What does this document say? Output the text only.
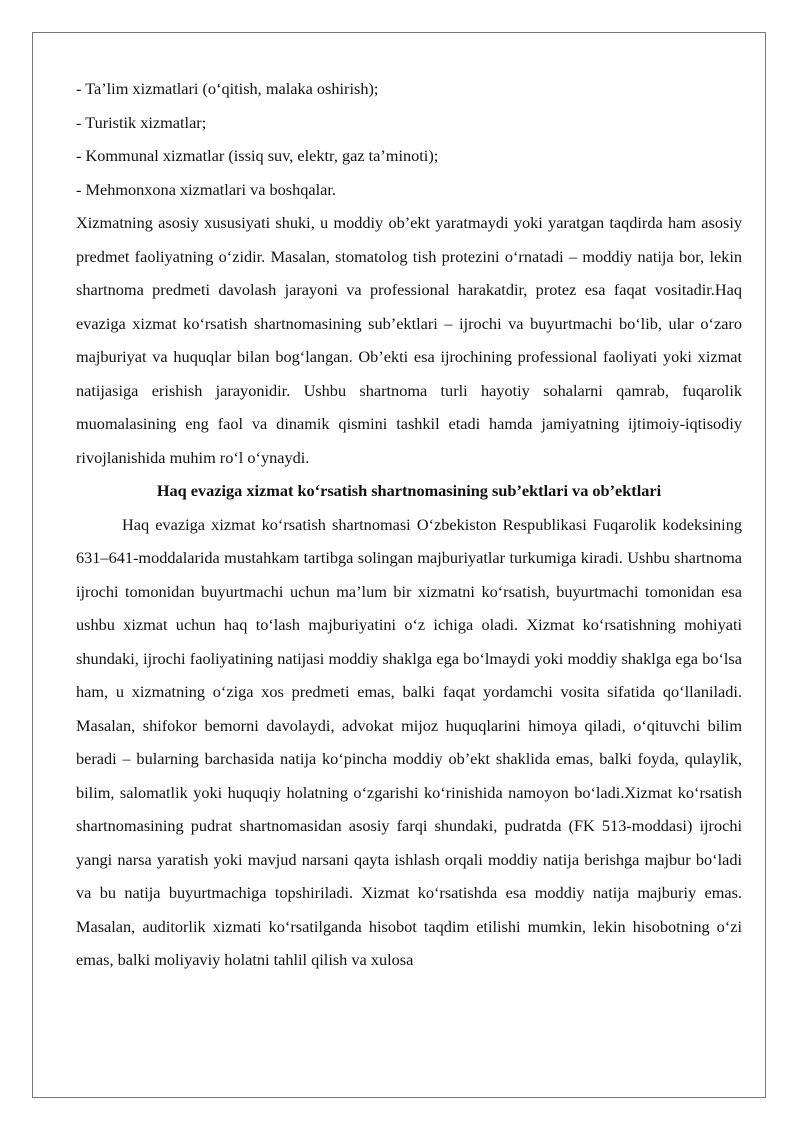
- Ta’lim xizmatlari (o‘qitish, malaka oshirish);

- Turistik xizmatlar;

- Kommunal xizmatlar (issiq suv, elektr, gaz ta’minoti);

- Mehmonxona xizmatlari va boshqalar.

Xizmatning asosiy xususiyati shuki, u moddiy ob’ekt yaratmaydi yoki yaratgan taqdirda ham asosiy predmet faoliyatning o‘zidir. Masalan, stomatolog tish protezini o‘rnatadi – moddiy natija bor, lekin shartnoma predmeti davolash jarayoni va professional harakatdir, protez esa faqat vositadir.Haq evaziga xizmat ko‘rsatish shartnomasining sub’ektlari – ijrochi va buyurtmachi bo‘lib, ular o‘zaro majburiyat va huquqlar bilan bog‘langan. Ob’ekti esa ijrochining professional faoliyati yoki xizmat natijasiga erishish jarayonidir. Ushbu shartnoma turli hayotiy sohalarni qamrab, fuqarolik muomalasining eng faol va dinamik qismini tashkil etadi hamda jamiyatning ijtimoiy-iqtisodiy rivojlanishida muhim ro‘l o‘ynaydi.

Haq evaziga xizmat ko‘rsatish shartnomasining sub’ektlari va ob’ektlari

Haq evaziga xizmat ko‘rsatish shartnomasi O‘zbekiston Respublikasi Fuqarolik kodeksining 631–641-moddalarida mustahkam tartibga solingan majburiyatlar turkumiga kiradi. Ushbu shartnoma ijrochi tomonidan buyurtmachi uchun ma’lum bir xizmatni ko‘rsatish, buyurtmachi tomonidan esa ushbu xizmat uchun haq to‘lash majburiyatini o‘z ichiga oladi. Xizmat ko‘rsatishning mohiyati shundaki, ijrochi faoliyatining natijasi moddiy shaklga ega bo‘lmaydi yoki moddiy shaklga ega bo‘lsa ham, u xizmatning o‘ziga xos predmeti emas, balki faqat yordamchi vosita sifatida qo‘llaniladi. Masalan, shifokor bemorni davolaydi, advokat mijoz huquqlarini himoya qiladi, o‘qituvchi bilim beradi – bularning barchasida natija ko‘pincha moddiy ob’ekt shaklida emas, balki foyda, qulaylik, bilim, salomatlik yoki huquqiy holatning o‘zgarishi ko‘rinishida namoyon bo‘ladi.Xizmat ko‘rsatish shartnomasining pudrat shartnomasidan asosiy farqi shundaki, pudratda (FK 513-moddasi) ijrochi yangi narsa yaratish yoki mavjud narsani qayta ishlash orqali moddiy natija berishga majbur bo‘ladi va bu natija buyurtmachiga topshiriladi. Xizmat ko‘rsatishda esa moddiy natija majburiy emas. Masalan, auditorlik xizmati ko‘rsatilganda hisobot taqdim etilishi mumkin, lekin hisobotning o‘zi emas, balki moliyaviy holatni tahlil qilish va xulosa
